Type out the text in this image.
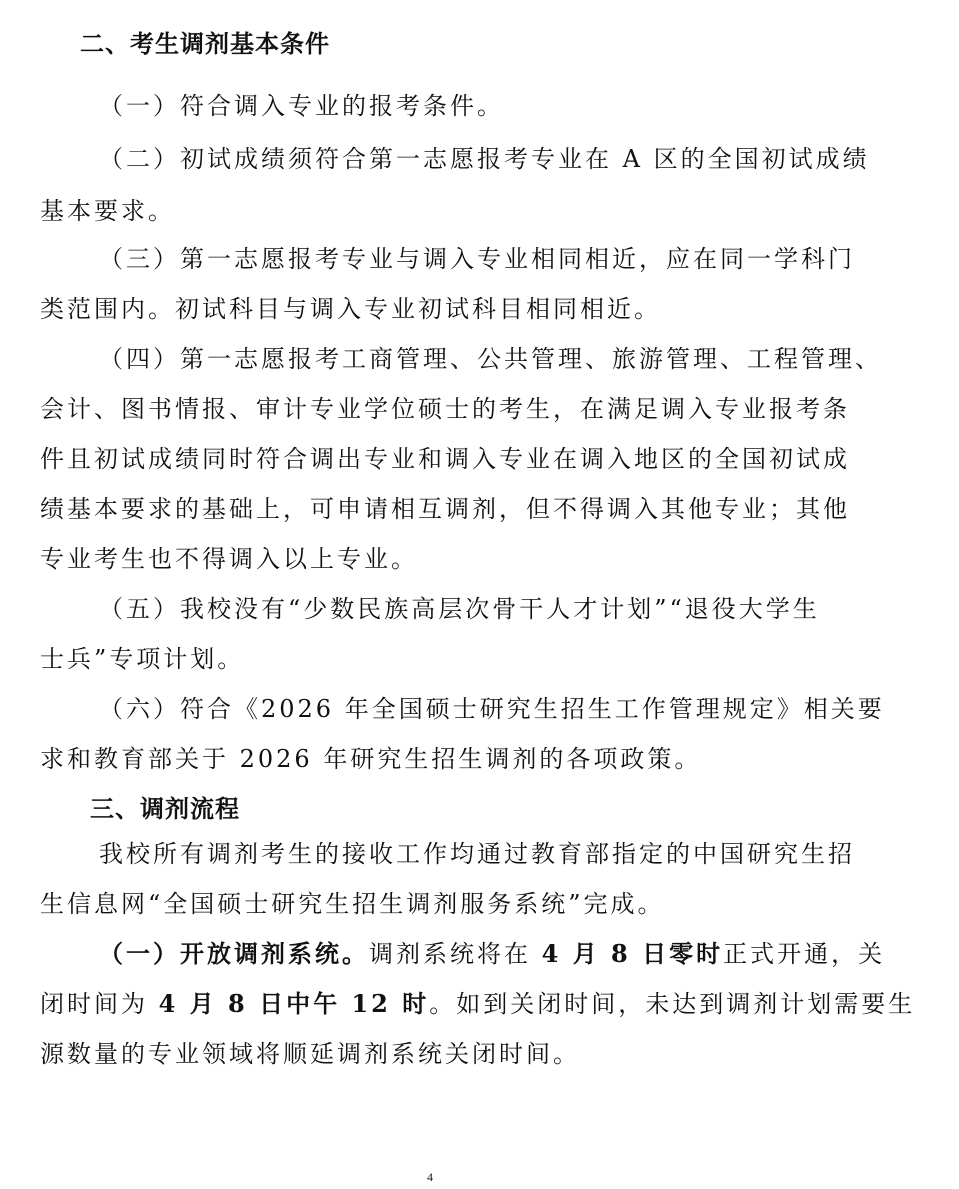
二、考生调剂基本条件
（一）符合调入专业的报考条件。
（二）初试成绩须符合第一志愿报考专业在 A 区的全国初试成绩
基本要求。
（三）第一志愿报考专业与调入专业相同相近，应在同一学科门
类范围内。初试科目与调入专业初试科目相同相近。
（四）第一志愿报考工商管理、公共管理、旅游管理、工程管理、
会计、图书情报、审计专业学位硕士的考生，在满足调入专业报考条
件且初试成绩同时符合调出专业和调入专业在调入地区的全国初试成
绩基本要求的基础上，可申请相互调剂，但不得调入其他专业；其他
专业考生也不得调入以上专业。
（五）我校没有“少数民族高层次骨干人才计划”“退役大学生
士兵”专项计划。
（六）符合《2026 年全国硕士研究生招生工作管理规定》相关要
求和教育部关于 2026 年研究生招生调剂的各项政策。
三、调剂流程
我校所有调剂考生的接收工作均通过教育部指定的中国研究生招
生信息网“全国硕士研究生招生调剂服务系统”完成。
（一）开放调剂系统。调剂系统将在 4 月 8 日零时正式开通，关
闭时间为 4 月 8 日中午 12 时。如到关闭时间，未达到调剂计划需要生
源数量的专业领域将顺延调剂系统关闭时间。
4
